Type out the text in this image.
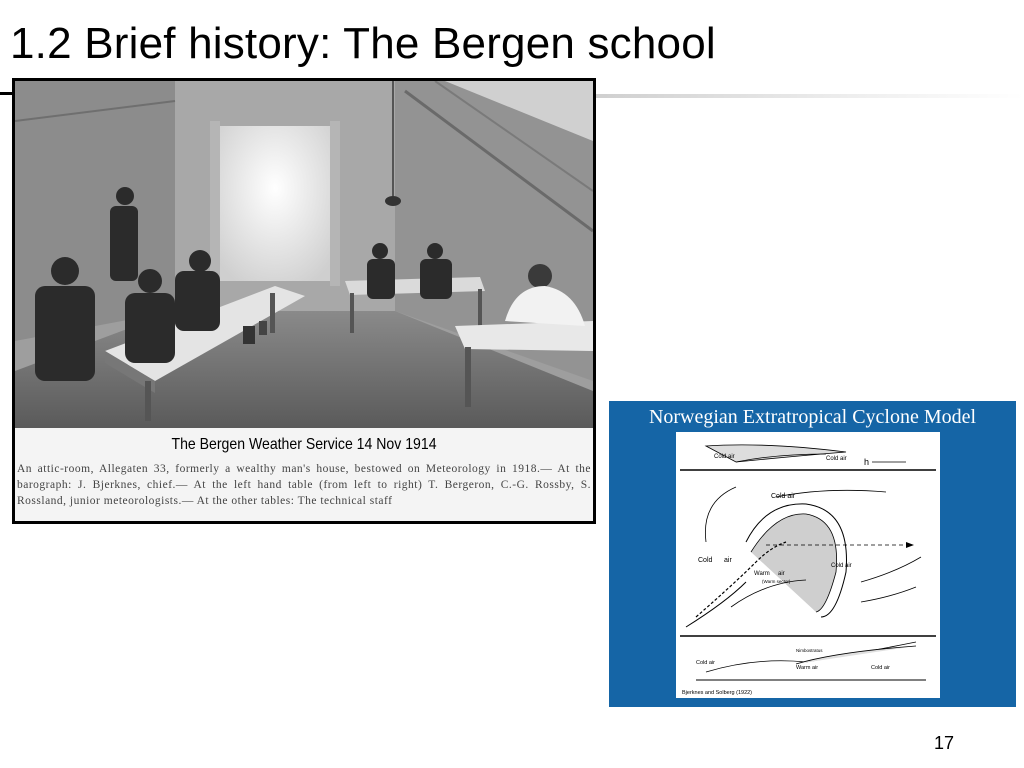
1.2 Brief history: The Bergen school
The Bergen Weather Service 14 Nov 1914
An attic-room, Allegaten 33, formerly a wealthy man's house, bestowed on Meteorology in 1918.— At the barograph: J. Bjerknes, chief.— At the left hand table (from left to right) T. Bergeron, C.-G. Rossby, S. Rossland, junior meteorologists.— At the other tables: The technical staff
Norwegian Extratropical Cyclone Model
Cold air	Cold air h
Cold air
Cold air
Warm air
(Warm sector)
Cold air
Cold air
Warm air	Cold air
Nimbostratus
Bjerknes and Solberg (1922)
17
